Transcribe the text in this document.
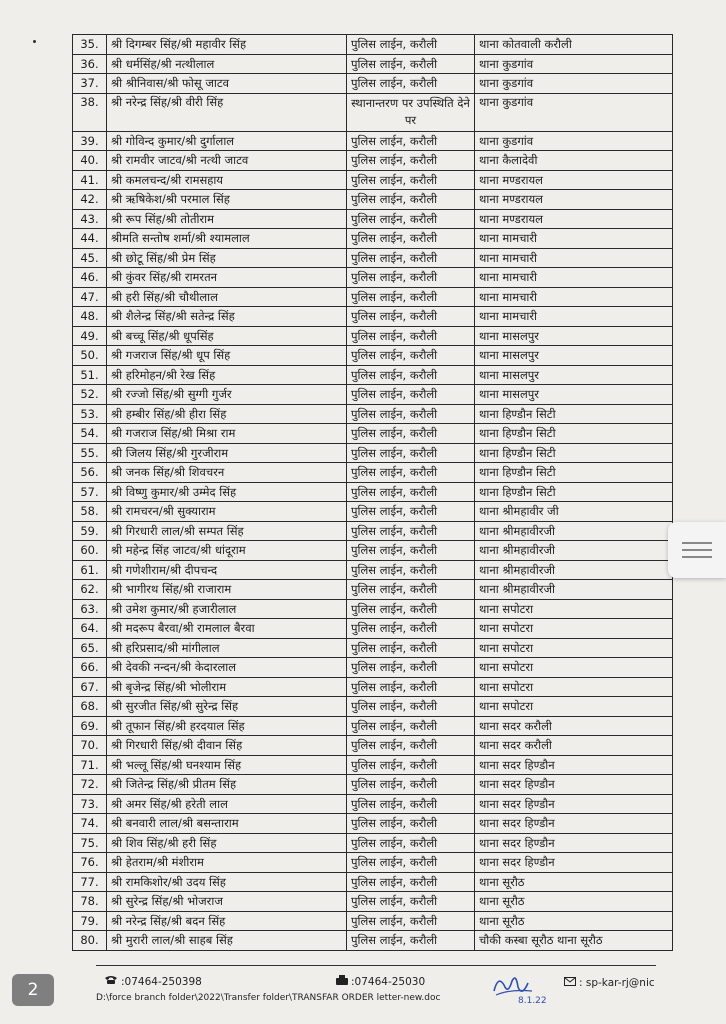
35.	श्री दिगम्बर सिंह/श्री महावीर सिंह	पुलिस लाईन, करौली	थाना कोतवाली करौली
36.	श्री धर्मसिंह/श्री नत्थीलाल	पुलिस लाईन, करौली	थाना कुडगांव
37.	श्री श्रीनिवास/श्री फोसू जाटव	पुलिस लाईन, करौली	थाना कुडगांव
38.	श्री नरेन्द्र सिंह/श्री वीरी सिंह	स्थानान्तरण पर उपस्थिति देने पर	थाना कुडगांव
39.	श्री गोविन्द कुमार/श्री दुर्गालाल	पुलिस लाईन, करौली	थाना कुडगांव
40.	श्री रामवीर जाटव/श्री नत्थी जाटव	पुलिस लाईन, करौली	थाना कैलादेवी
41.	श्री कमलचन्द/श्री रामसहाय	पुलिस लाईन, करौली	थाना मण्डरायल
42.	श्री ऋषिकेश/श्री परमाल सिंह	पुलिस लाईन, करौली	थाना मण्डरायल
43.	श्री रूप सिंह/श्री तोतीराम	पुलिस लाईन, करौली	थाना मण्डरायल
44.	श्रीमति सन्तोष शर्मा/श्री श्यामलाल	पुलिस लाईन, करौली	थाना मामचारी
45.	श्री छोटू सिंह/श्री प्रेम सिंह	पुलिस लाईन, करौली	थाना मामचारी
46.	श्री कुंवर सिंह/श्री रामरतन	पुलिस लाईन, करौली	थाना मामचारी
47.	श्री हरी सिंह/श्री चौथीलाल	पुलिस लाईन, करौली	थाना मामचारी
48.	श्री शैलेन्द्र सिंह/श्री सतेन्द्र सिंह	पुलिस लाईन, करौली	थाना मामचारी
49.	श्री बच्चू सिंह/श्री धूपसिंह	पुलिस लाईन, करौली	थाना मासलपुर
50.	श्री गजराज सिंह/श्री धूप सिंह	पुलिस लाईन, करौली	थाना मासलपुर
51.	श्री हरिमोहन/श्री रेख सिंह	पुलिस लाईन, करौली	थाना मासलपुर
52.	श्री रज्जो सिंह/श्री सुग्गी गुर्जर	पुलिस लाईन, करौली	थाना मासलपुर
53.	श्री हम्बीर सिंह/श्री हीरा सिंह	पुलिस लाईन, करौली	थाना हिण्डौन सिटी
54.	श्री गजराज सिंह/श्री मिश्रा राम	पुलिस लाईन, करौली	थाना हिण्डौन सिटी
55.	श्री जिलय सिंह/श्री गुरजीराम	पुलिस लाईन, करौली	थाना हिण्डौन सिटी
56.	श्री जनक सिंह/श्री शिवचरन	पुलिस लाईन, करौली	थाना हिण्डौन सिटी
57.	श्री विष्णु कुमार/श्री उम्मेद सिंह	पुलिस लाईन, करौली	थाना हिण्डौन सिटी
58.	श्री रामचरन/श्री सुक्याराम	पुलिस लाईन, करौली	थाना श्रीमहावीर जी
59.	श्री गिरधारी लाल/श्री सम्पत सिंह	पुलिस लाईन, करौली	थाना श्रीमहावीरजी
60.	श्री महेन्द्र सिंह जाटव/श्री धांदूराम	पुलिस लाईन, करौली	थाना श्रीमहावीरजी
61.	श्री गणेशीराम/श्री दीपचन्द	पुलिस लाईन, करौली	थाना श्रीमहावीरजी
62.	श्री भागीरथ सिंह/श्री राजाराम	पुलिस लाईन, करौली	थाना श्रीमहावीरजी
63.	श्री उमेश कुमार/श्री हजारीलाल	पुलिस लाईन, करौली	थाना सपोटरा
64.	श्री मदरूप बैरवा/श्री रामलाल बैरवा	पुलिस लाईन, करौली	थाना सपोटरा
65.	श्री हरिप्रसाद/श्री मांगीलाल	पुलिस लाईन, करौली	थाना सपोटरा
66.	श्री देवकी नन्दन/श्री केदारलाल	पुलिस लाईन, करौली	थाना सपोटरा
67.	श्री बृजेन्द्र सिंह/श्री भोलीराम	पुलिस लाईन, करौली	थाना सपोटरा
68.	श्री सुरजीत सिंह/श्री सुरेन्द्र सिंह	पुलिस लाईन, करौली	थाना सपोटरा
69.	श्री तूफान सिंह/श्री हरदयाल सिंह	पुलिस लाईन, करौली	थाना सदर करौली
70.	श्री गिरधारी सिंह/श्री दीवान सिंह	पुलिस लाईन, करौली	थाना सदर करौली
71.	श्री भल्लू सिंह/श्री घनश्याम सिंह	पुलिस लाईन, करौली	थाना सदर हिण्डौन
72.	श्री जितेन्द्र सिंह/श्री प्रीतम सिंह	पुलिस लाईन, करौली	थाना सदर हिण्डौन
73.	श्री अमर सिंह/श्री हरेती लाल	पुलिस लाईन, करौली	थाना सदर हिण्डौन
74.	श्री बनवारी लाल/श्री बसन्ताराम	पुलिस लाईन, करौली	थाना सदर हिण्डौन
75.	श्री शिव सिंह/श्री हरी सिंह	पुलिस लाईन, करौली	थाना सदर हिण्डौन
76.	श्री हेतराम/श्री मंशीराम	पुलिस लाईन, करौली	थाना सदर हिण्डौन
77.	श्री रामकिशोर/श्री उदय सिंह	पुलिस लाईन, करौली	थाना सूरौठ
78.	श्री सुरेन्द्र सिंह/श्री भोजराज	पुलिस लाईन, करौली	थाना सूरौठ
79.	श्री नरेन्द्र सिंह/श्री बदन सिंह	पुलिस लाईन, करौली	थाना सूरौठ
80.	श्री मुरारी लाल/श्री साहब सिंह	पुलिस लाईन, करौली	चौकी कस्बा सूरौठ थाना सूरौठ
:07464-250398	:07464-25030
8.1.22
: sp-kar-rj@nic
D:\force branch folder\2022\Transfer folder\TRANSFAR ORDER letter-new.doc
2
